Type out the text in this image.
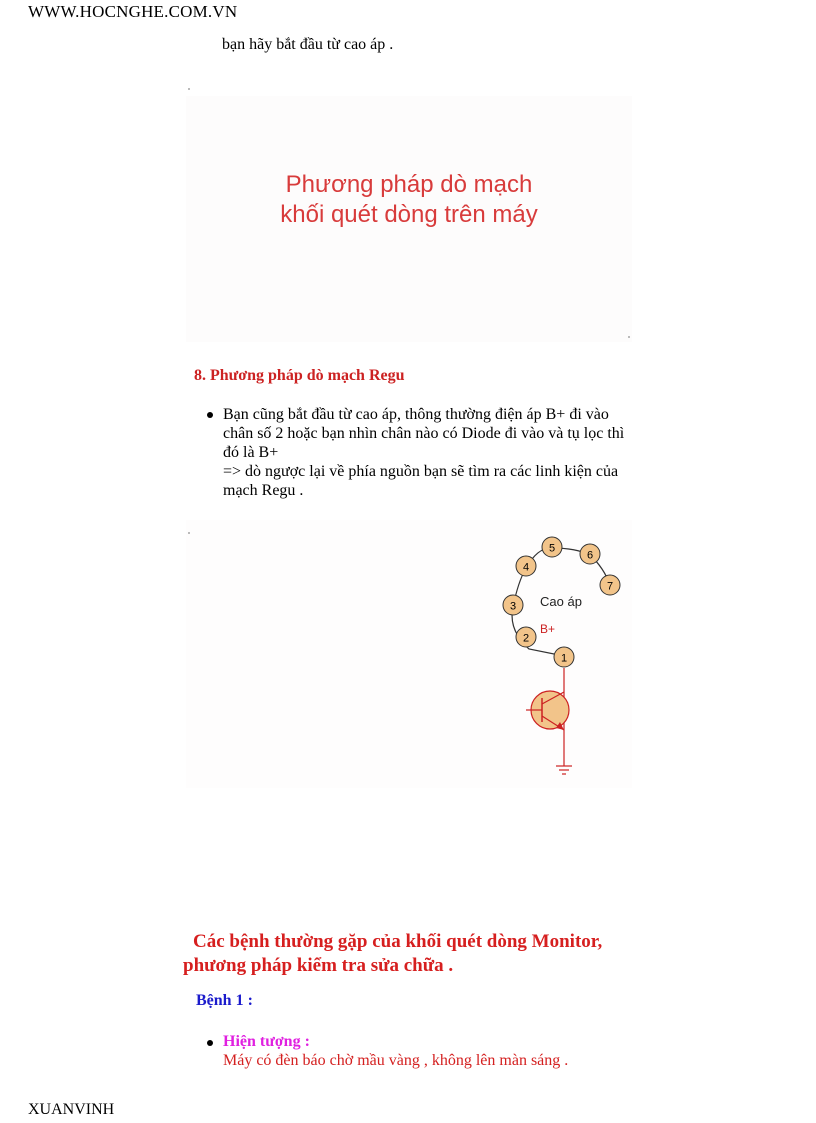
WWW.HOCNGHE.COM.VN
bạn hãy bắt đầu từ cao áp .
Phương pháp dò mạch
khối quét dòng trên máy
8. Phương pháp dò mạch Regu
Bạn cũng bắt đầu từ cao áp, thông thường điện áp B+ đi vào
chân số 2 hoặc bạn nhìn chân nào có Diode đi vào và tụ lọc thì
đó là B+
=> dò ngược lại về phía nguồn bạn sẽ tìm ra các linh kiện của
mạch Regu .
1
2
3
4
5
6
7
Cao áp
B+
Các bệnh thường gặp của khối quét dòng Monitor,
phương pháp kiểm tra sửa chữa .
Bệnh 1 :
Hiện tượng :
Máy có đèn báo chờ mầu vàng , không lên màn sáng .
XUANVINH
